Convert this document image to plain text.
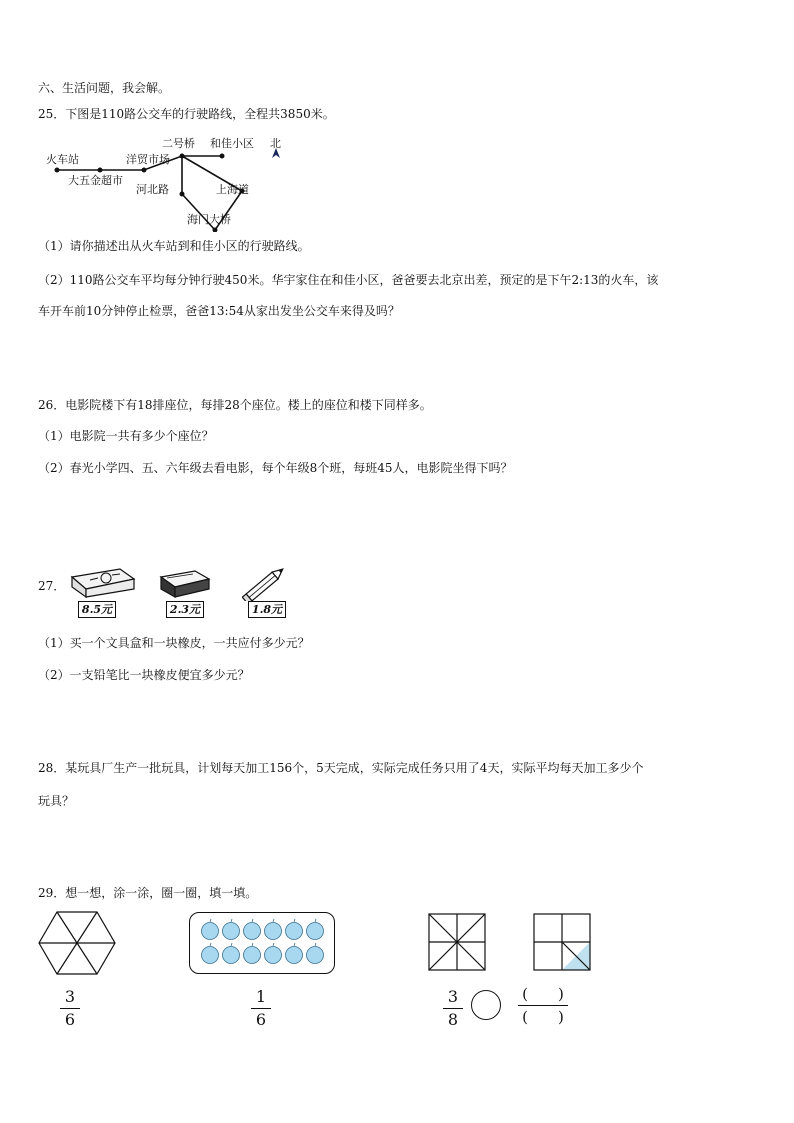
六、生活问题，我会解。
25．下图是110路公交车的行驶路线，全程共3850米。
火车站
大五金超市
洋贸市场
二号桥 和佳小区 北
河北路	上海道
海门大桥
（1）请你描述出从火车站到和佳小区的行驶路线。
（2）110路公交车平均每分钟行驶450米。华宇家住在和佳小区，爸爸要去北京出差，预定的是下午2:13的火车，该
车开车前10分钟停止检票，爸爸13:54从家出发坐公交车来得及吗？
26．电影院楼下有18排座位，每排28个座位。楼上的座位和楼下同样多。
（1）电影院一共有多少个座位？
（2）春光小学四、五、六年级去看电影，每个年级8个班，每班45人，电影院坐得下吗？
27．
8.5元	2.3元	1.8元
（1）买一个文具盒和一块橡皮，一共应付多少元？
（2）一支铅笔比一块橡皮便宜多少元？
28．某玩具厂生产一批玩具，计划每天加工156个，5天完成，实际完成任务只用了4天，实际平均每天加工多少个
玩具？
29．想一想，涂一涂，圈一圈，填一填。
3
6
1
6
3
8
(　　)
(　　)
